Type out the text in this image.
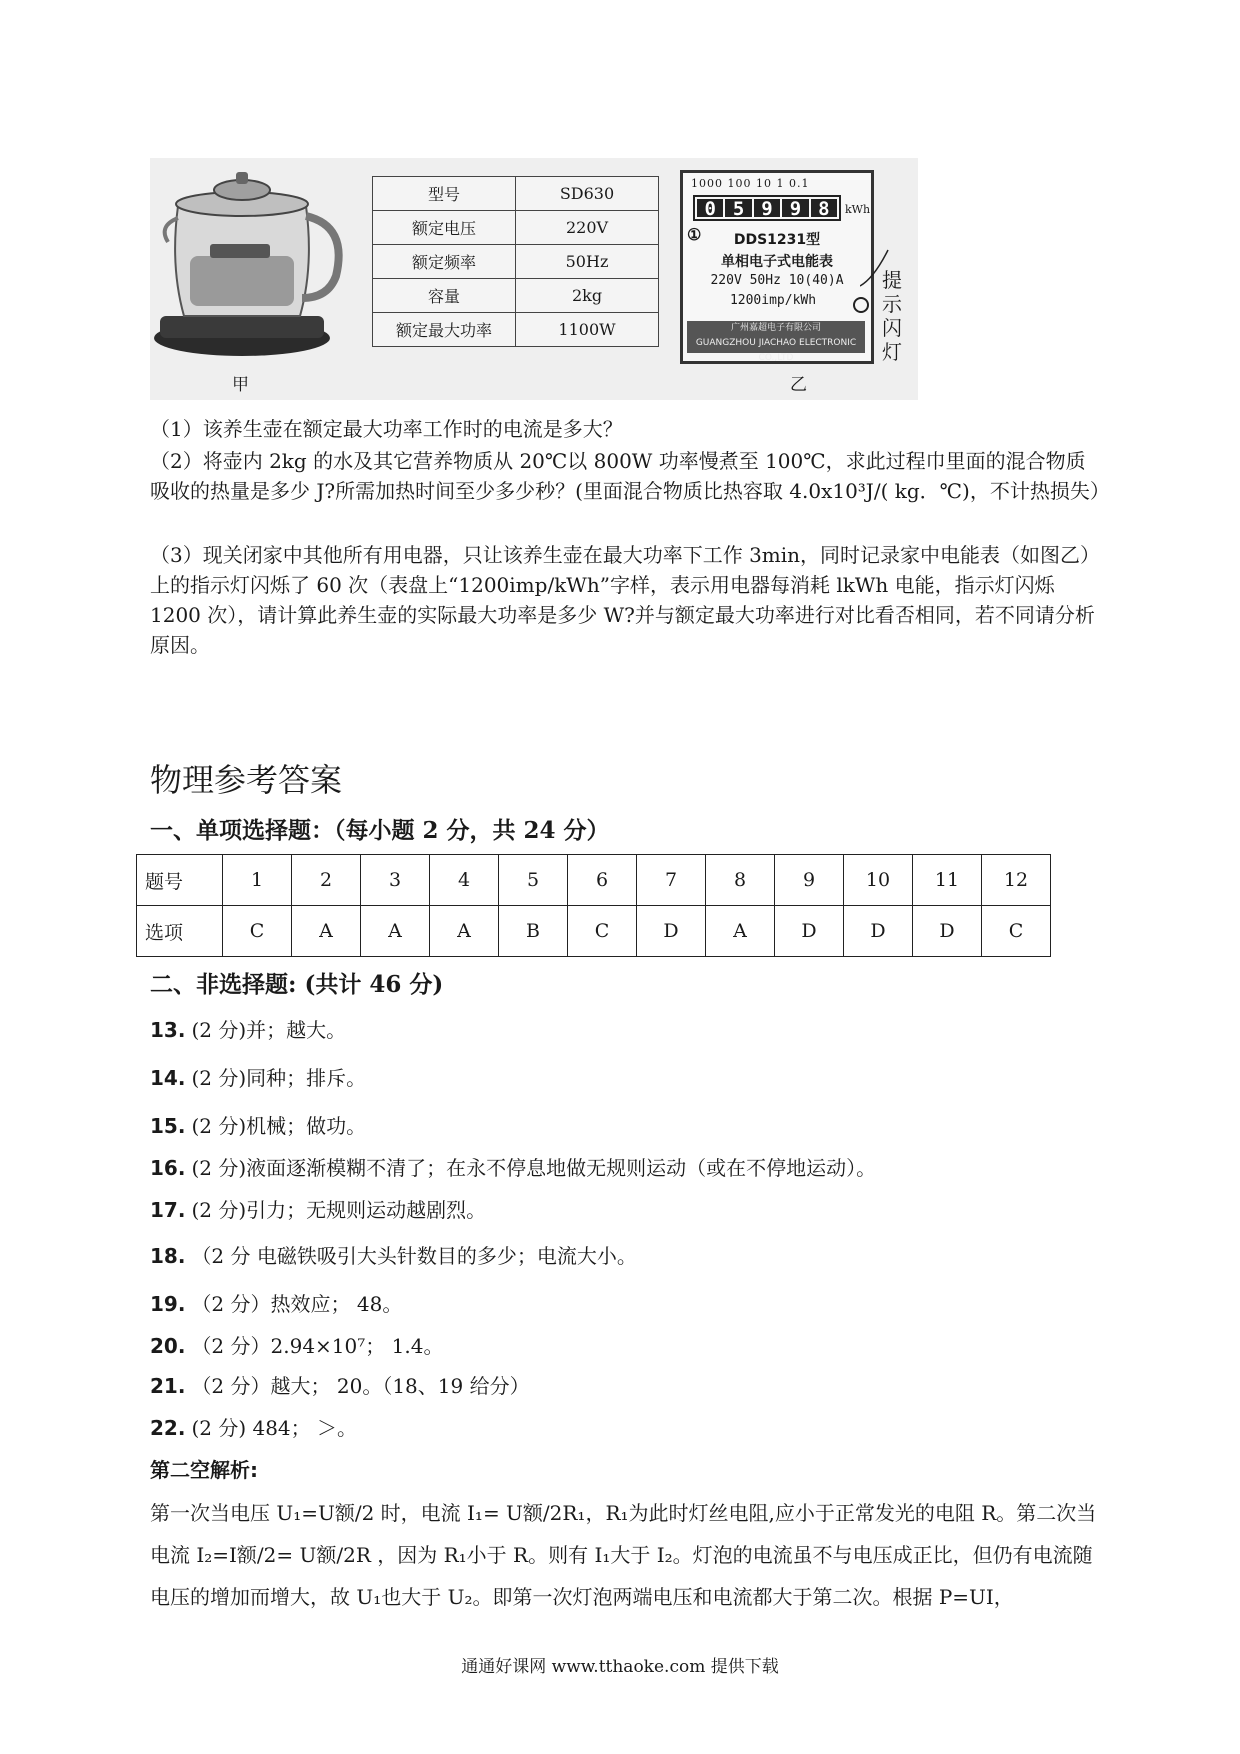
甲
型号	SD630
额定电压	220V
额定频率	50Hz
容量	2kg
额定最大功率	1100W
1000 100 10 1 0.1
0 5 9 9 8	kWh
①	DDS1231型
单相电子式电能表
220V 50Hz 10(40)A
1200imp/kWh
广州嘉超电子有限公司
GUANGZHOU JIACHAO ELECTRONIC CO.,LTD
提示闪灯
乙
（1）该养生壶在额定最大功率工作时的电流是多大？
（2）将壶内 2kg 的水及其它营养物质从 20℃以 800W 功率慢煮至 100℃，求此过程巾里面的混合物质吸收的热量是多少 J?所需加热时间至少多少秒？(里面混合物质比热容取 4.0x10³J/( kg．℃)，不计热损失）
（3）现关闭家中其他所有用电器，只让该养生壶在最大功率下工作 3min，同时记录家中电能表（如图乙）上的指示灯闪烁了 60 次（表盘上“1200imp/kWh”字样，表示用电器每消耗 lkWh 电能，指示灯闪烁 1200 次），请计算此养生壶的实际最大功率是多少 W?并与额定最大功率进行对比看否相同，若不同请分析原因。
物理参考答案
一、单项选择题：（每小题 2 分，共 24 分）
题号	1	2	3	4	5	6	7	8	9	10	11	12
选项	C	A	A	A	B	C	D	A	D	D	D	C
二、非选择题: (共计 46 分)
13. (2 分)并；越大。
14. (2 分)同种；排斥。
15. (2 分)机械；做功。
16. (2 分)液面逐渐模糊不清了；在永不停息地做无规则运动（或在不停地运动）。
17. (2 分)引力；无规则运动越剧烈。
18. （2 分 电磁铁吸引大头针数目的多少；电流大小。
19. （2 分）热效应； 48。
20. （2 分）2.94×10⁷； 1.4。
21. （2 分）越大； 20。（18、19 给分）
22. (2 分) 484； ＞。
第二空解析:
第一次当电压 U₁=U额/2 时，电流 I₁= U额/2R₁，R₁为此时灯丝电阻,应小于正常发光的电阻 R。第二次当电流 I₂=I额/2= U额/2R ，因为 R₁小于 R。则有 I₁大于 I₂。灯泡的电流虽不与电压成正比，但仍有电流随电压的增加而增大，故 U₁也大于 U₂。即第一次灯泡两端电压和电流都大于第二次。根据 P=UI，
通通好课网 www.tthaoke.com 提供下载
